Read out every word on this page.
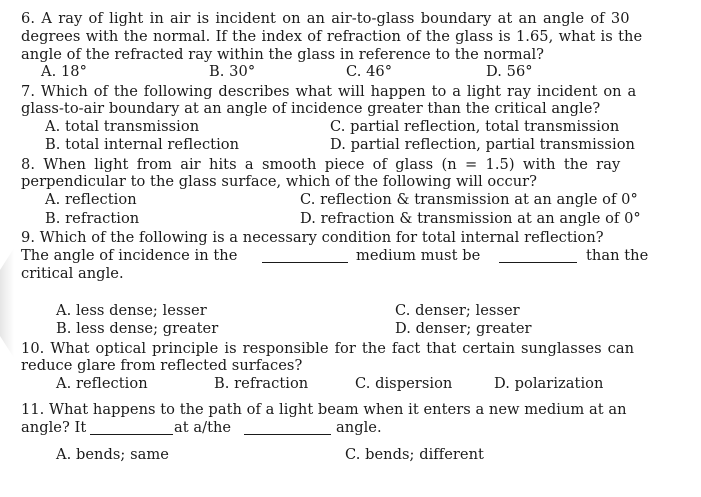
6. A ray of light in air is incident on an air-to-glass boundary at an angle of 30
degrees with the normal. If the index of refraction of the glass is 1.65, what is the
angle of the refracted ray within the glass in reference to the normal?
A. 18°	B. 30°	C. 46°	D. 56°
7. Which of the following describes what will happen to a light ray incident on a
glass-to-air boundary at an angle of incidence greater than the critical angle?
A. total transmission	C. partial reflection, total transmission
B. total internal reflection	D. partial reflection, partial transmission
8. When light from air hits a smooth piece of glass (n = 1.5) with the ray
perpendicular to the glass surface, which of the following will occur?
A. reflection	C. reflection & transmission at an angle of 0°
B. refraction	D. refraction & transmission at an angle of 0°
9. Which of the following is a necessary condition for total internal reflection?
The angle of incidence in the	medium must be	than the
critical angle.
A. less dense; lesser	C. denser; lesser
B. less dense; greater	D. denser; greater
10. What optical principle is responsible for the fact that certain sunglasses can
reduce glare from reflected surfaces?
A. reflection	B. refraction	C. dispersion	D. polarization
11. What happens to the path of a light beam when it enters a new medium at an
angle? It	at a/the	angle.
A. bends; same	C. bends; different
